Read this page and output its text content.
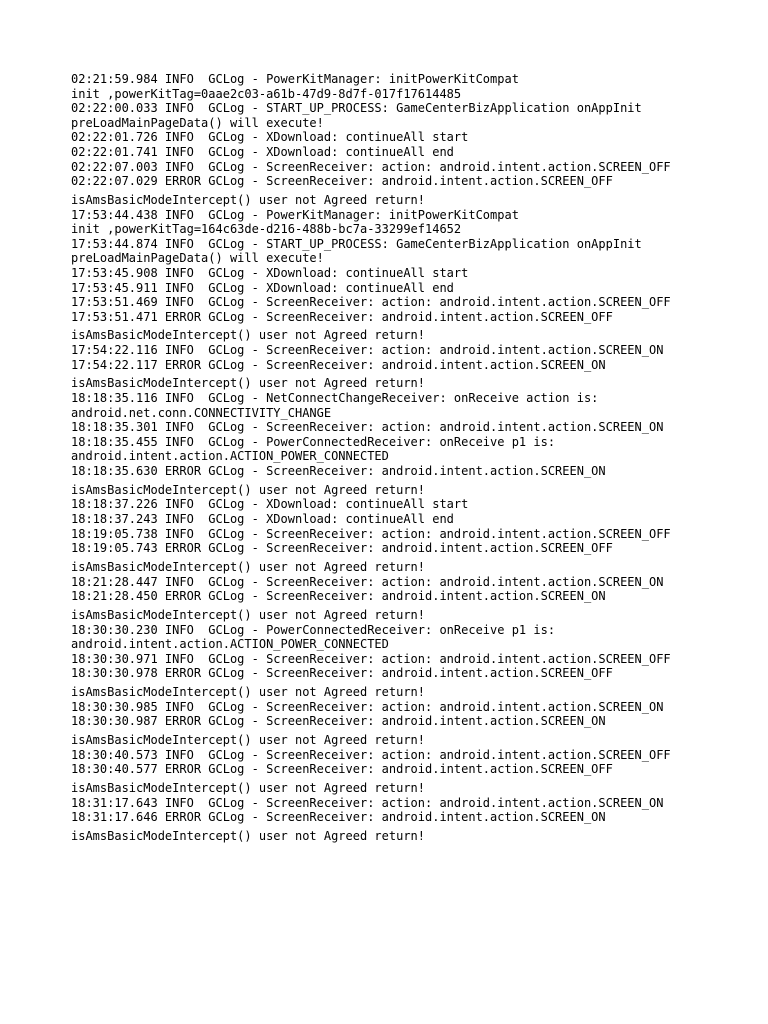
02:21:59.984 INFO  GCLog - PowerKitManager: initPowerKitCompat
init ,powerKitTag=0aae2c03-a61b-47d9-8d7f-017f17614485
02:22:00.033 INFO  GCLog - START_UP_PROCESS: GameCenterBizApplication onAppInit
preLoadMainPageData() will execute!
02:22:01.726 INFO  GCLog - XDownload: continueAll start
02:22:01.741 INFO  GCLog - XDownload: continueAll end
02:22:07.003 INFO  GCLog - ScreenReceiver: action: android.intent.action.SCREEN_OFF
02:22:07.029 ERROR GCLog - ScreenReceiver: android.intent.action.SCREEN_OFF
isAmsBasicModeIntercept() user not Agreed return!
17:53:44.438 INFO  GCLog - PowerKitManager: initPowerKitCompat
init ,powerKitTag=164c63de-d216-488b-bc7a-33299ef14652
17:53:44.874 INFO  GCLog - START_UP_PROCESS: GameCenterBizApplication onAppInit
preLoadMainPageData() will execute!
17:53:45.908 INFO  GCLog - XDownload: continueAll start
17:53:45.911 INFO  GCLog - XDownload: continueAll end
17:53:51.469 INFO  GCLog - ScreenReceiver: action: android.intent.action.SCREEN_OFF
17:53:51.471 ERROR GCLog - ScreenReceiver: android.intent.action.SCREEN_OFF
isAmsBasicModeIntercept() user not Agreed return!
17:54:22.116 INFO  GCLog - ScreenReceiver: action: android.intent.action.SCREEN_ON
17:54:22.117 ERROR GCLog - ScreenReceiver: android.intent.action.SCREEN_ON
isAmsBasicModeIntercept() user not Agreed return!
18:18:35.116 INFO  GCLog - NetConnectChangeReceiver: onReceive action is:
android.net.conn.CONNECTIVITY_CHANGE
18:18:35.301 INFO  GCLog - ScreenReceiver: action: android.intent.action.SCREEN_ON
18:18:35.455 INFO  GCLog - PowerConnectedReceiver: onReceive p1 is:
android.intent.action.ACTION_POWER_CONNECTED
18:18:35.630 ERROR GCLog - ScreenReceiver: android.intent.action.SCREEN_ON
isAmsBasicModeIntercept() user not Agreed return!
18:18:37.226 INFO  GCLog - XDownload: continueAll start
18:18:37.243 INFO  GCLog - XDownload: continueAll end
18:19:05.738 INFO  GCLog - ScreenReceiver: action: android.intent.action.SCREEN_OFF
18:19:05.743 ERROR GCLog - ScreenReceiver: android.intent.action.SCREEN_OFF
isAmsBasicModeIntercept() user not Agreed return!
18:21:28.447 INFO  GCLog - ScreenReceiver: action: android.intent.action.SCREEN_ON
18:21:28.450 ERROR GCLog - ScreenReceiver: android.intent.action.SCREEN_ON
isAmsBasicModeIntercept() user not Agreed return!
18:30:30.230 INFO  GCLog - PowerConnectedReceiver: onReceive p1 is:
android.intent.action.ACTION_POWER_CONNECTED
18:30:30.971 INFO  GCLog - ScreenReceiver: action: android.intent.action.SCREEN_OFF
18:30:30.978 ERROR GCLog - ScreenReceiver: android.intent.action.SCREEN_OFF
isAmsBasicModeIntercept() user not Agreed return!
18:30:30.985 INFO  GCLog - ScreenReceiver: action: android.intent.action.SCREEN_ON
18:30:30.987 ERROR GCLog - ScreenReceiver: android.intent.action.SCREEN_ON
isAmsBasicModeIntercept() user not Agreed return!
18:30:40.573 INFO  GCLog - ScreenReceiver: action: android.intent.action.SCREEN_OFF
18:30:40.577 ERROR GCLog - ScreenReceiver: android.intent.action.SCREEN_OFF
isAmsBasicModeIntercept() user not Agreed return!
18:31:17.643 INFO  GCLog - ScreenReceiver: action: android.intent.action.SCREEN_ON
18:31:17.646 ERROR GCLog - ScreenReceiver: android.intent.action.SCREEN_ON
isAmsBasicModeIntercept() user not Agreed return!
